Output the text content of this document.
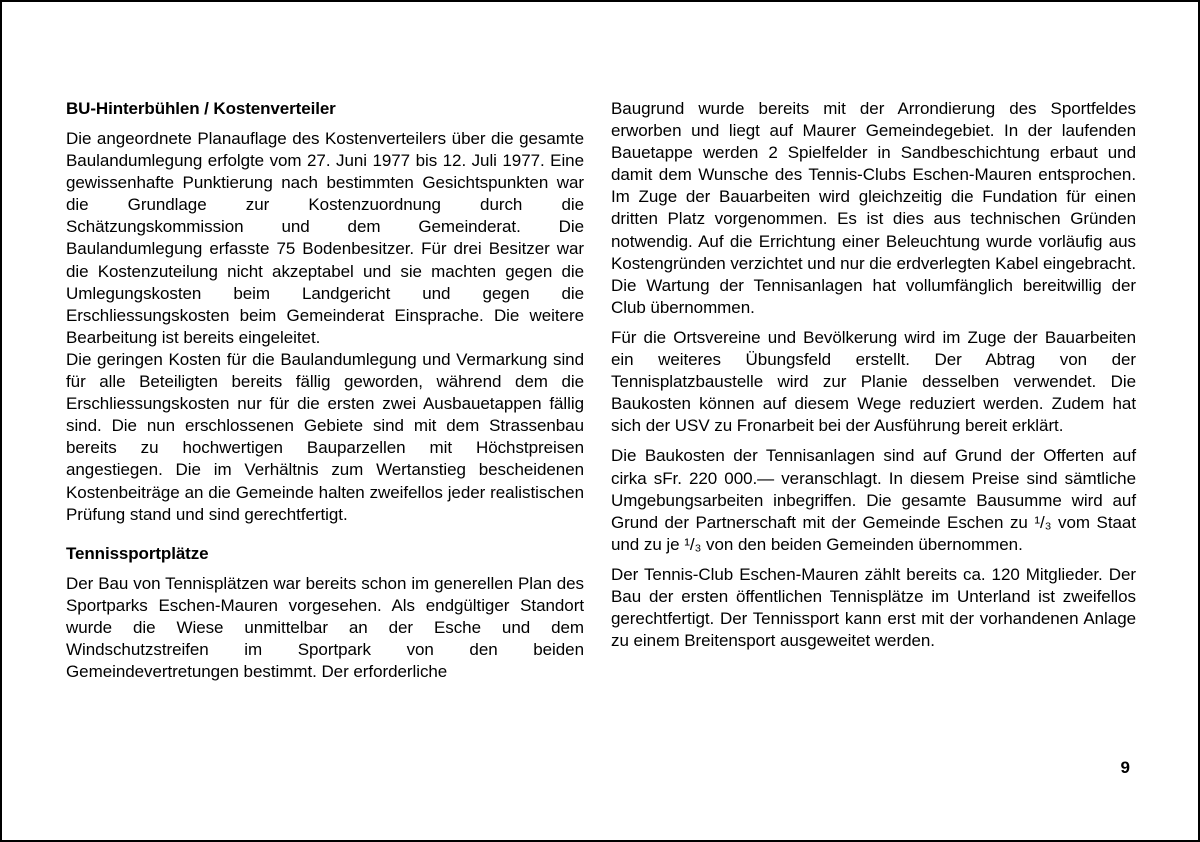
BU-Hinterbühlen / Kostenverteiler

Die angeordnete Planauflage des Kostenverteilers über die gesamte Baulandumlegung erfolgte vom 27. Juni 1977 bis 12. Juli 1977. Eine gewissenhafte Punktierung nach bestimmten Gesichtspunkten war die Grundlage zur Kostenzuordnung durch die Schätzungskommission und dem Gemeinderat. Die Baulandumlegung erfasste 75 Bodenbesitzer. Für drei Besitzer war die Kostenzuteilung nicht akzeptabel und sie machten gegen die Umlegungskosten beim Landgericht und gegen die Erschliessungskosten beim Gemeinderat Einsprache. Die weitere Bearbeitung ist bereits eingeleitet.

Die geringen Kosten für die Baulandumlegung und Vermarkung sind für alle Beteiligten bereits fällig geworden, während dem die Erschliessungskosten nur für die ersten zwei Ausbauetappen fällig sind. Die nun erschlossenen Gebiete sind mit dem Strassenbau bereits zu hochwertigen Bauparzellen mit Höchstpreisen angestiegen. Die im Verhältnis zum Wertanstieg bescheidenen Kostenbeiträge an die Gemeinde halten zweifellos jeder realistischen Prüfung stand und sind gerechtfertigt.

Tennissportplätze

Der Bau von Tennisplätzen war bereits schon im generellen Plan des Sportparks Eschen-Mauren vorgesehen. Als endgültiger Standort wurde die Wiese unmittelbar an der Esche und dem Windschutzstreifen im Sportpark von den beiden Gemeindevertretungen bestimmt. Der erforderliche

Baugrund wurde bereits mit der Arrondierung des Sportfeldes erworben und liegt auf Maurer Gemeindegebiet. In der laufenden Bauetappe werden 2 Spielfelder in Sandbeschichtung erbaut und damit dem Wunsche des Tennis-Clubs Eschen-Mauren entsprochen. Im Zuge der Bauarbeiten wird gleichzeitig die Fundation für einen dritten Platz vorgenommen. Es ist dies aus technischen Gründen notwendig. Auf die Errichtung einer Beleuchtung wurde vorläufig aus Kostengründen verzichtet und nur die erdverlegten Kabel eingebracht. Die Wartung der Tennisanlagen hat vollumfänglich bereitwillig der Club übernommen.

Für die Ortsvereine und Bevölkerung wird im Zuge der Bauarbeiten ein weiteres Übungsfeld erstellt. Der Abtrag von der Tennisplatzbaustelle wird zur Planie desselben verwendet. Die Baukosten können auf diesem Wege reduziert werden. Zudem hat sich der USV zu Fronarbeit bei der Ausführung bereit erklärt.

Die Baukosten der Tennisanlagen sind auf Grund der Offerten auf cirka sFr. 220 000.— veranschlagt. In diesem Preise sind sämtliche Umgebungsarbeiten inbegriffen. Die gesamte Bausumme wird auf Grund der Partnerschaft mit der Gemeinde Eschen zu ¹/₃ vom Staat und zu je ¹/₃ von den beiden Gemeinden übernommen.

Der Tennis-Club Eschen-Mauren zählt bereits ca. 120 Mitglieder. Der Bau der ersten öffentlichen Tennisplätze im Unterland ist zweifellos gerechtfertigt. Der Tennissport kann erst mit der vorhandenen Anlage zu einem Breitensport ausgeweitet werden.

9
